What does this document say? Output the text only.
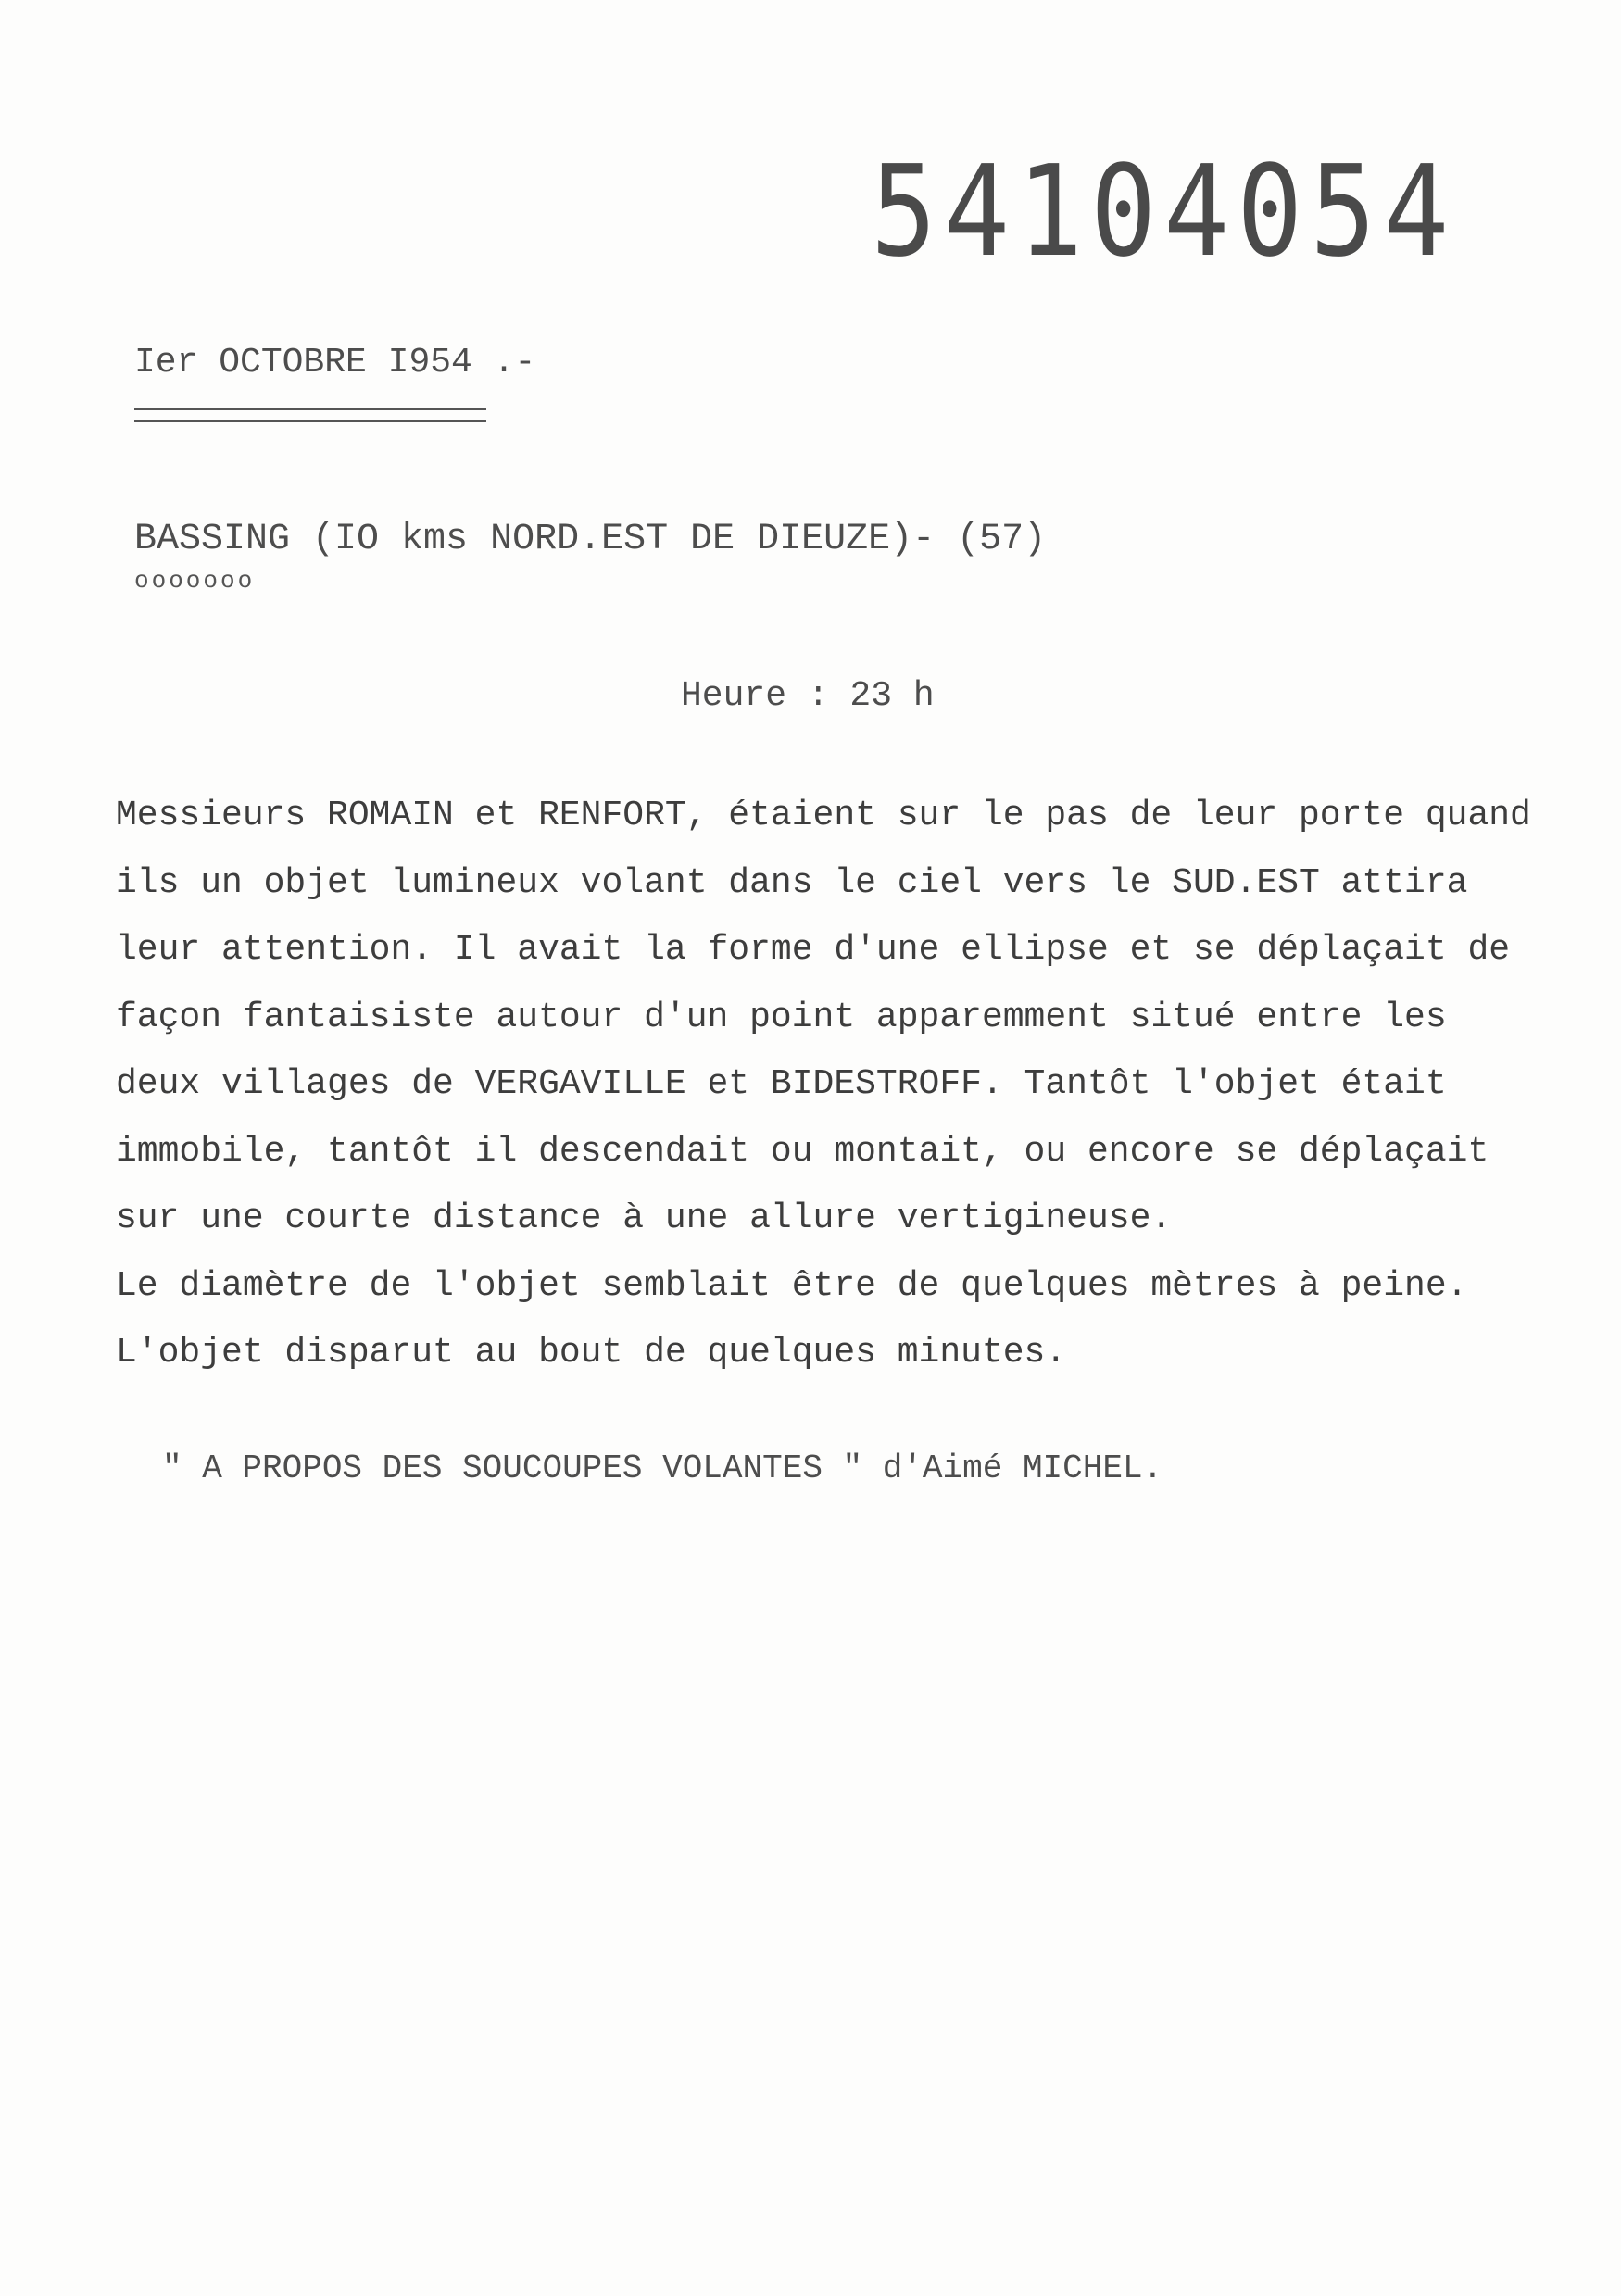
54104054
Ier OCTOBRE I954 .-
BASSING (IO kms NORD.EST DE DIEUZE)- (57)
ooooooo
Heure : 23 h
Messieurs ROMAIN et RENFORT, étaient sur le pas de leur porte quand
ils un objet lumineux volant dans le ciel vers le SUD.EST attira
leur attention. Il avait la forme d'une ellipse et se déplaçait de
façon fantaisiste autour d'un point apparemment situé entre les
deux villages de VERGAVILLE et BIDESTROFF. Tantôt l'objet était
immobile, tantôt il descendait ou montait, ou encore se déplaçait
sur une courte distance à une allure vertigineuse.
Le diamètre de l'objet semblait être de quelques mètres à peine.
L'objet disparut au bout de quelques minutes.
" A PROPOS DES SOUCOUPES VOLANTES " d'Aimé MICHEL.
